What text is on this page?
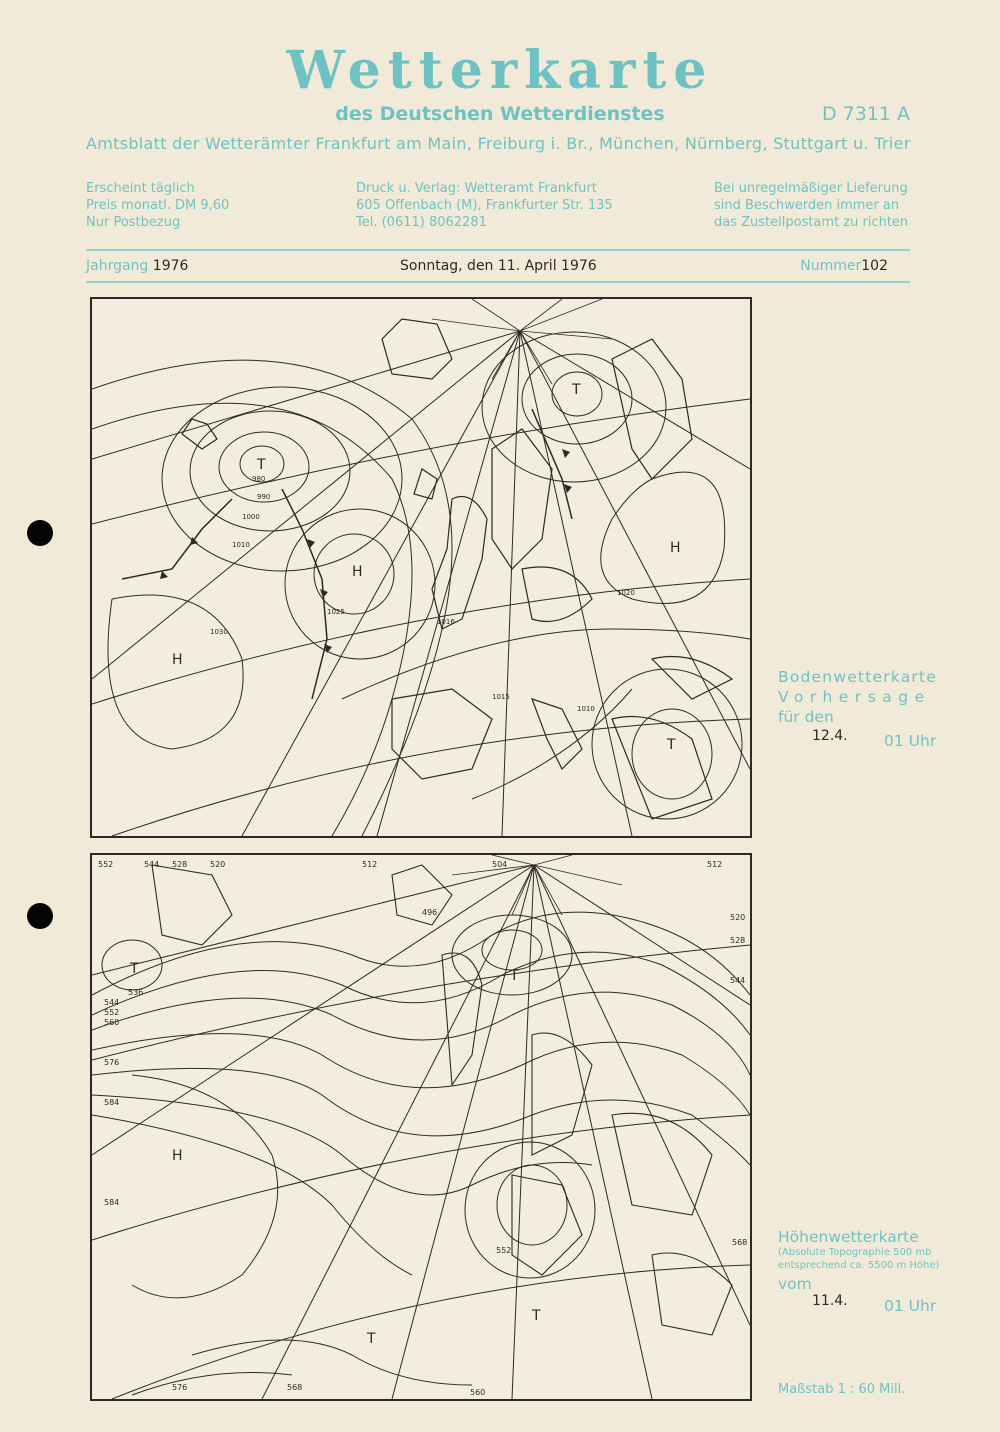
Wetterkarte
des Deutschen Wetterdienstes	D 7311 A
Amtsblatt der Wetterämter Frankfurt am Main, Freiburg i. Br., München, Nürnberg, Stuttgart u. Trier
Erscheint täglich
Preis monatl. DM 9,60
Nur Postbezug
Druck u. Verlag: Wetteramt Frankfurt
605 Offenbach (M), Frankfurter Str. 135
Tel. (0611) 8062281
Bei unregelmäßiger Lieferung
sind Beschwerden immer an
das Zustellpostamt zu richten
Jahrgang 1976	Sonntag, den 11. April 1976	Nummer102
H
H
H
T
T
T
980
990
1000
1010
1025
1020
1015
1016
1030
1010
Bodenwetterkarte
Vorhersage
für den
12.4. 01 Uhr
H
T	T
T
T
552	544 528	520	512	504
560
576
584
496
552
544
536
576
560
568
568
512
520
528
544
552
584
Höhenwetterkarte
(Absolute Topographie 500 mb
entsprechend ca. 5500 m Höhe)
vom
11.4. 01 Uhr
Maßstab 1 : 60 Mill.
